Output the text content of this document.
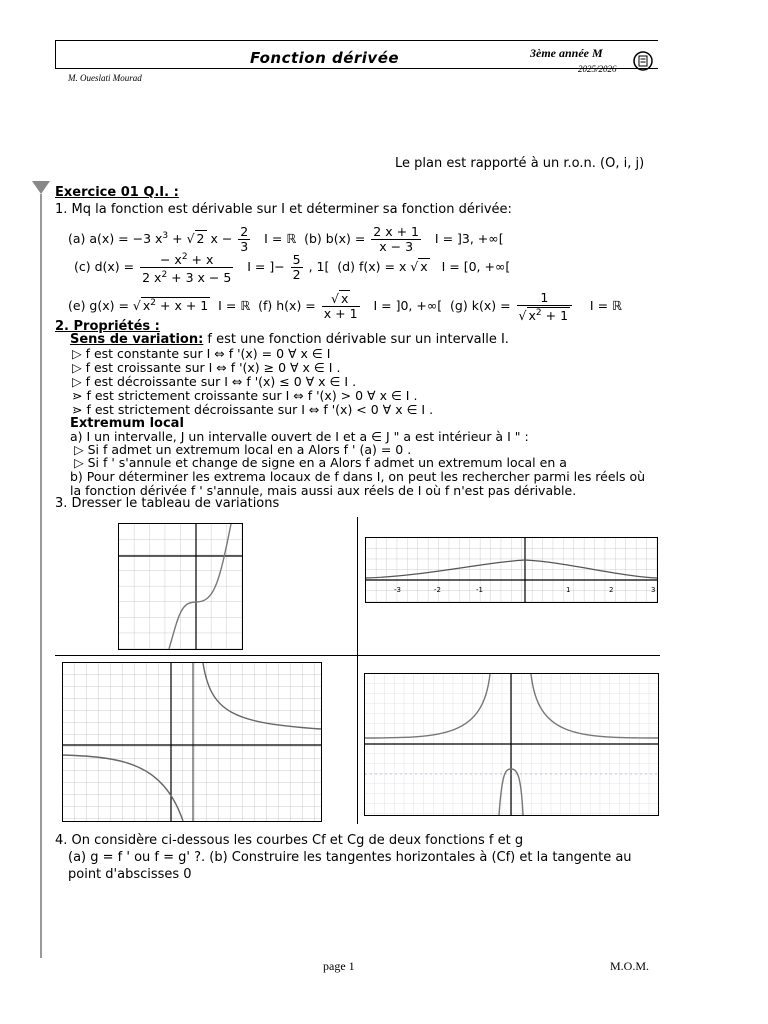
Fonction dérivée	3ème année M
2025/2026
M. Oueslati Mourad
Le plan est rapporté à un r.o.n. (O, i, j)
Exercice 01 Q.I. :
1. Mq la fonction est dérivable sur I et déterminer sa fonction dérivée:
(a) a(x) = −3 $x^3$ + √ 2 $x - \frac{2}{3}$ I = ℝ  (b) $b(x) = \frac{2 x + 1}{x - 3}$ I = ]3, +∞[
(c) $d(x) = \frac{- x^2 + x}{2 x^2 + 3 x - 5}$ I = ]− $\frac{5}{2}$ , 1[  (d) f(x) = x √ x   I = [0, +∞[
(e) g(x) = √ $x^2 + x + 1$  I = ℝ  (f) $h(x) = \frac{√ x}{x + 1}$ I = ]0, +∞[  (g) $k(x) = \frac{1}{√ x^2 + 1}$ I = ℝ
2. Propriétés :
Sens de variation: f est une fonction dérivable sur un intervalle I.
▷ f est constante sur I ⇔ f '(x) = 0 ∀ x ∈ I
▷ f est croissante sur I ⇔ f '(x) ≥ 0 ∀ x ∈ I .
▷ f est décroissante sur I ⇔ f '(x) ≤ 0 ∀ x ∈ I .
⋗ f est strictement croissante sur I ⇔ f '(x) > 0 ∀ x ∈ I .
⋗ f est strictement décroissante sur I ⇔ f '(x) < 0 ∀ x ∈ I .
Extremum local
a) I un intervalle, J un intervalle ouvert de I et a ∈ J " a est intérieur à I " :
▷ Si f admet un extremum local en a Alors f ' (a) = 0 .
▷ Si f ' s'annule et change de signe en a Alors f admet un extremum local en a
b) Pour déterminer les extrema locaux de f dans I, on peut les rechercher parmi les réels où
la fonction dérivée f ' s'annule, mais aussi aux réels de I où f n'est pas dérivable.
3. Dresser le tableau de variations
-3	-2	-1	1	2	3
4. On considère ci-dessous les courbes Cf et Cg de deux fonctions f et g
(a) g = f ' ou f = g' ?. (b) Construire les tangentes horizontales à (Cf) et la tangente au
point d'abscisses 0
page 1	M.O.M.
